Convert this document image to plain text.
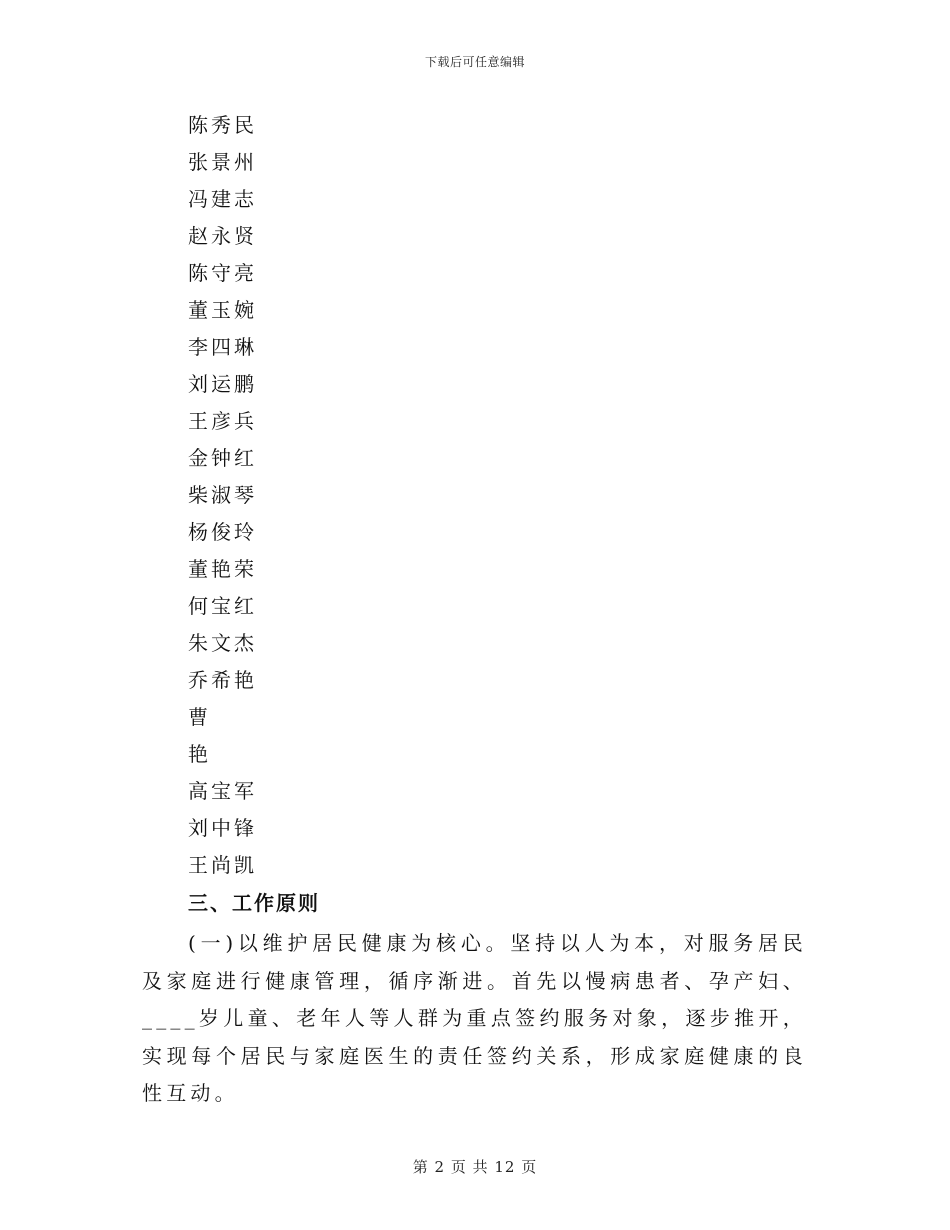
下载后可任意编辑
陈秀民
张景州
冯建志
赵永贤
陈守亮
董玉婉
李四琳
刘运鹏
王彦兵
金钟红
柴淑琴
杨俊玲
董艳荣
何宝红
朱文杰
乔希艳
曹
艳
高宝军
刘中锋
王尚凯
三、工作原则

(一)以维护居民健康为核心。坚持以人为本，对服务居民及家庭进行健康管理，循序渐进。首先以慢病患者、孕产妇、____岁儿童、老年人等人群为重点签约服务对象，逐步推开，实现每个居民与家庭医生的责任签约关系，形成家庭健康的良性互动。

第 2 页 共 12 页
